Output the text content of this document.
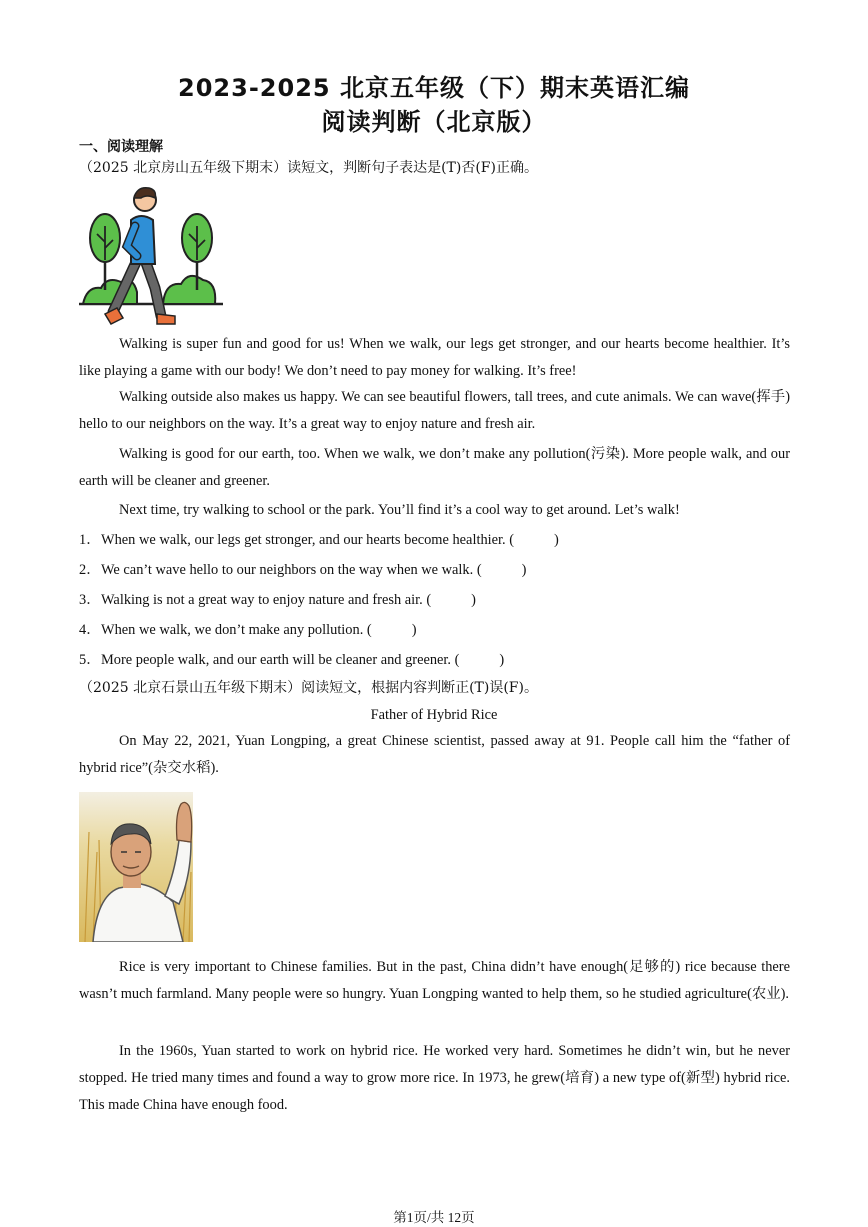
2023-2025 北京五年级（下）期末英语汇编
阅读判断（北京版）
一、阅读理解
（2025 北京房山五年级下期末）读短文，判断句子表达是(T)否(F)正确。
Walking is super fun and good for us! When we walk, our legs get stronger, and our hearts become healthier. It’s like playing a game with our body! We don’t need to pay money for walking. It’s free!
Walking outside also makes us happy. We can see beautiful flowers, tall trees, and cute animals. We can wave(挥手) hello to our neighbors on the way. It’s a great way to enjoy nature and fresh air.
Walking is good for our earth, too. When we walk, we don’t make any pollution(污染). More people walk, and our earth will be cleaner and greener.
Next time, try walking to school or the park. You’ll find it’s a cool way to get around. Let’s walk!
1．When we walk, our legs get stronger, and our hearts become healthier. (	)
2．We can’t wave hello to our neighbors on the way when we walk. (	)
3．Walking is not a great way to enjoy nature and fresh air. (	)
4．When we walk, we don’t make any pollution. (	)
5．More people walk, and our earth will be cleaner and greener. (	)
（2025 北京石景山五年级下期末）阅读短文，根据内容判断正(T)误(F)。
Father of Hybrid Rice
On May 22, 2021, Yuan Longping, a great Chinese scientist, passed away at 91. People call him the “father of hybrid rice”(杂交水稻).
Rice is very important to Chinese families. But in the past, China didn’t have enough(足够的) rice because there wasn’t much farmland. Many people were so hungry. Yuan Longping wanted to help them, so he studied agriculture(农业).
In the 1960s, Yuan started to work on hybrid rice. He worked very hard. Sometimes he didn’t win, but he never stopped. He tried many times and found a way to grow more rice. In 1973, he grew(培育) a new type of(新型) hybrid rice. This made China have enough food.
第1页/共 12页
